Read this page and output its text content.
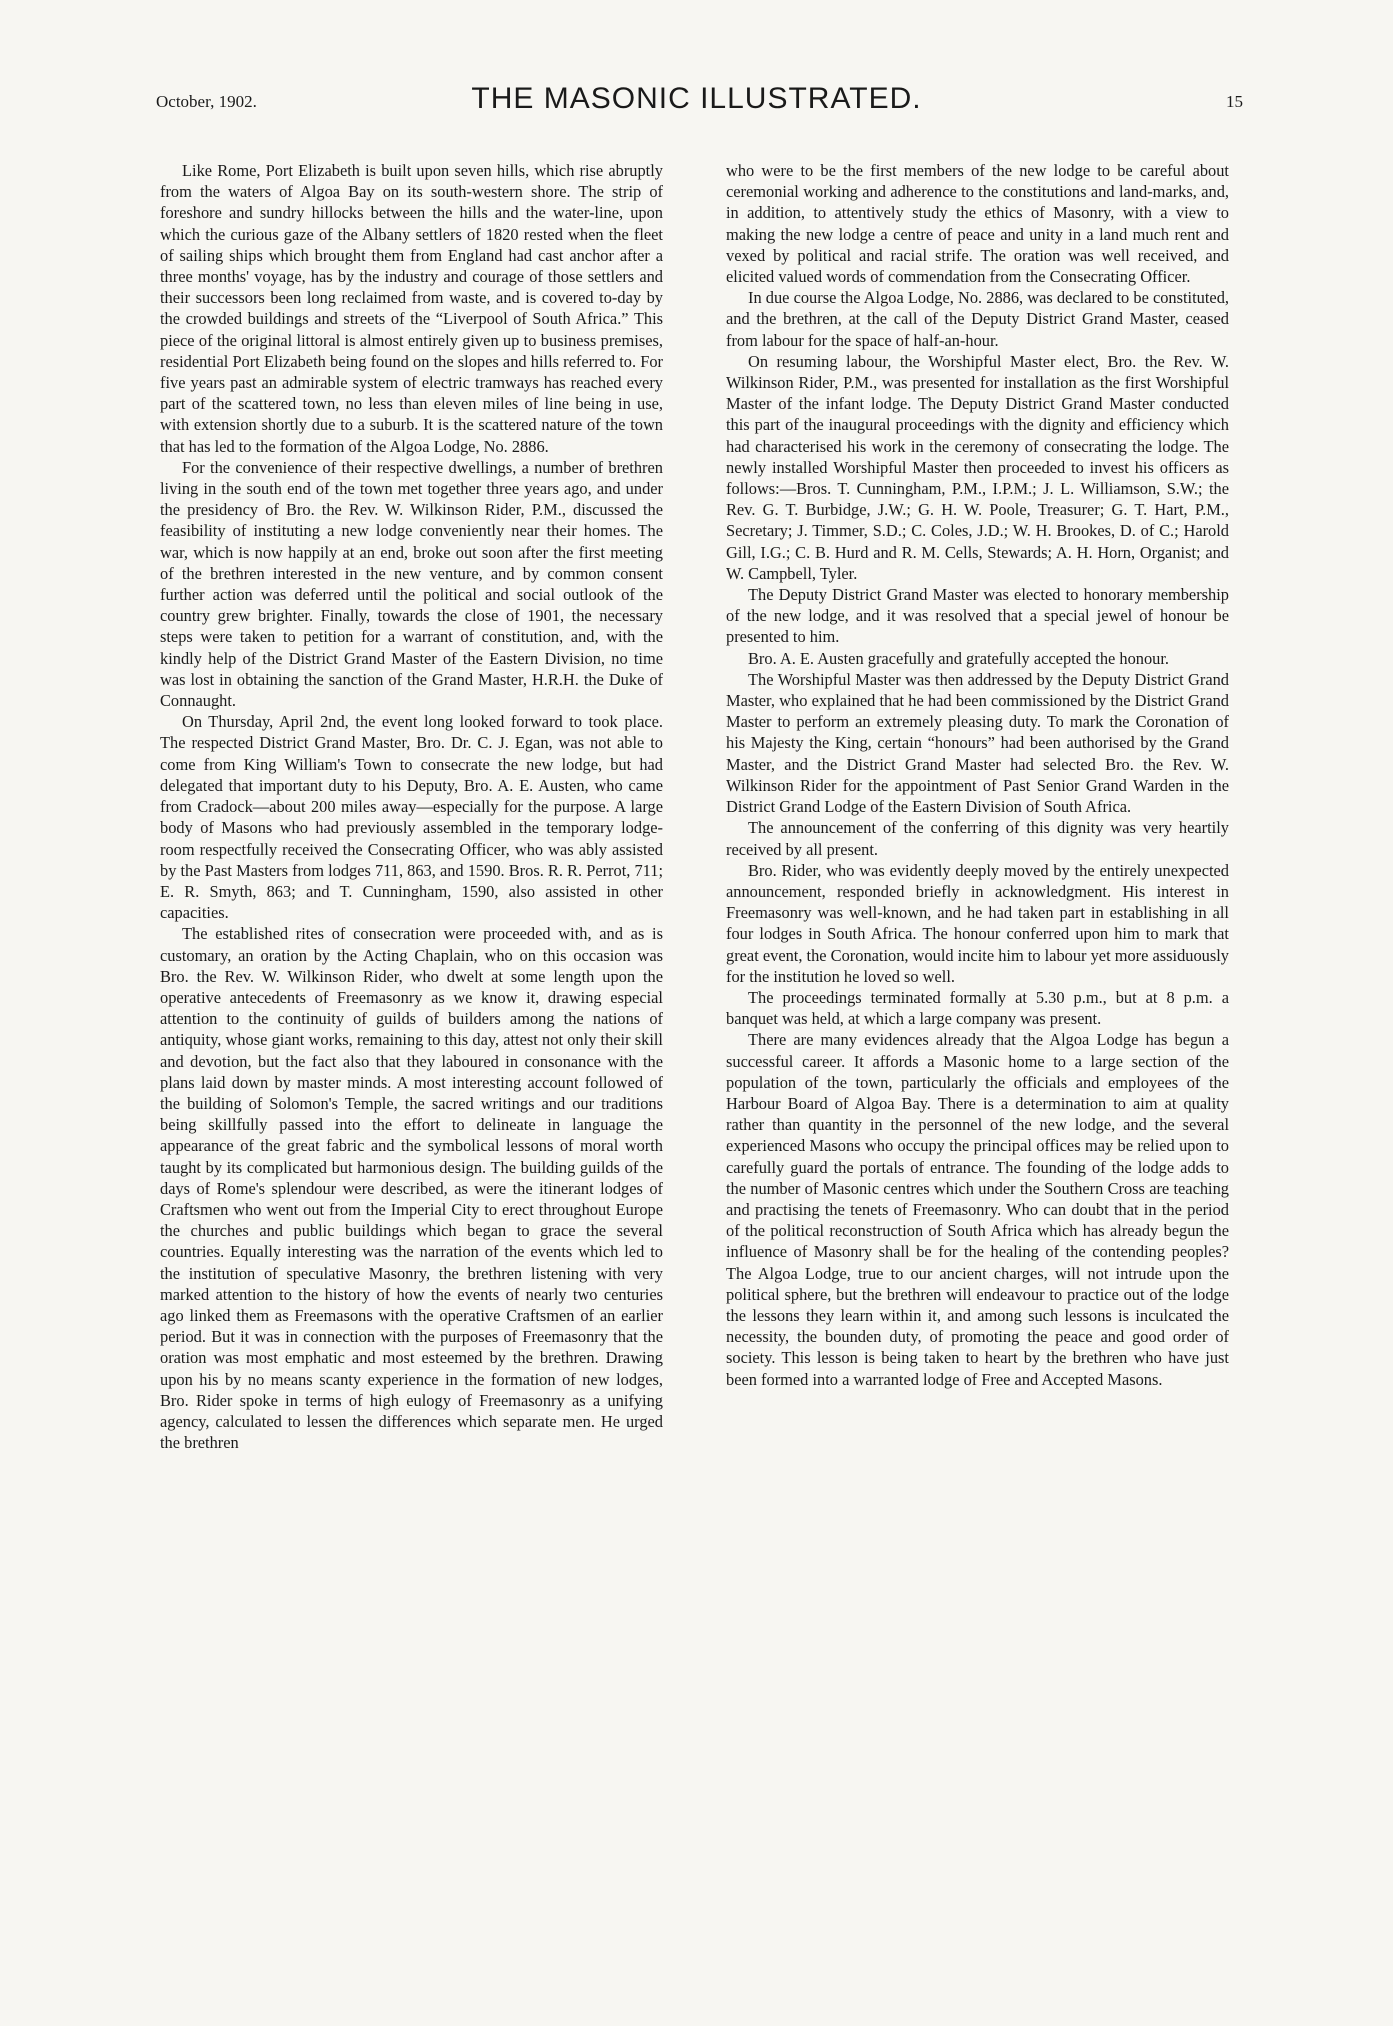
October, 1902.	THE MASONIC ILLUSTRATED.	15

Like Rome, Port Elizabeth is built upon seven hills, which rise abruptly from the waters of Algoa Bay on its south-western shore. The strip of foreshore and sundry hillocks between the hills and the water-line, upon which the curious gaze of the Albany settlers of 1820 rested when the fleet of sailing ships which brought them from England had cast anchor after a three months' voyage, has by the industry and courage of those settlers and their successors been long reclaimed from waste, and is covered to-day by the crowded buildings and streets of the “Liverpool of South Africa.” This piece of the original littoral is almost entirely given up to business premises, residential Port Elizabeth being found on the slopes and hills referred to. For five years past an admirable system of electric tramways has reached every part of the scattered town, no less than eleven miles of line being in use, with extension shortly due to a suburb. It is the scattered nature of the town that has led to the formation of the Algoa Lodge, No. 2886.

For the convenience of their respective dwellings, a number of brethren living in the south end of the town met together three years ago, and under the presidency of Bro. the Rev. W. Wilkinson Rider, P.M., discussed the feasibility of instituting a new lodge conveniently near their homes. The war, which is now happily at an end, broke out soon after the first meeting of the brethren interested in the new venture, and by common consent further action was deferred until the political and social outlook of the country grew brighter. Finally, towards the close of 1901, the necessary steps were taken to petition for a warrant of constitution, and, with the kindly help of the District Grand Master of the Eastern Division, no time was lost in obtaining the sanction of the Grand Master, H.R.H. the Duke of Connaught.

On Thursday, April 2nd, the event long looked forward to took place. The respected District Grand Master, Bro. Dr. C. J. Egan, was not able to come from King William's Town to consecrate the new lodge, but had delegated that important duty to his Deputy, Bro. A. E. Austen, who came from Cradock—about 200 miles away—especially for the purpose. A large body of Masons who had previously assembled in the temporary lodge-room respectfully received the Consecrating Officer, who was ably assisted by the Past Masters from lodges 711, 863, and 1590. Bros. R. R. Perrot, 711; E. R. Smyth, 863; and T. Cunningham, 1590, also assisted in other capacities.

The established rites of consecration were proceeded with, and as is customary, an oration by the Acting Chaplain, who on this occasion was Bro. the Rev. W. Wilkinson Rider, who dwelt at some length upon the operative antecedents of Freemasonry as we know it, drawing especial attention to the continuity of guilds of builders among the nations of antiquity, whose giant works, remaining to this day, attest not only their skill and devotion, but the fact also that they laboured in consonance with the plans laid down by master minds. A most interesting account followed of the building of Solomon's Temple, the sacred writings and our traditions being skillfully passed into the effort to delineate in language the appearance of the great fabric and the symbolical lessons of moral worth taught by its complicated but harmonious design. The building guilds of the days of Rome's splendour were described, as were the itinerant lodges of Craftsmen who went out from the Imperial City to erect throughout Europe the churches and public buildings which began to grace the several countries. Equally interesting was the narration of the events which led to the institution of speculative Masonry, the brethren listening with very marked attention to the history of how the events of nearly two centuries ago linked them as Freemasons with the operative Craftsmen of an earlier period. But it was in connection with the purposes of Freemasonry that the oration was most emphatic and most esteemed by the brethren. Drawing upon his by no means scanty experience in the formation of new lodges, Bro. Rider spoke in terms of high eulogy of Freemasonry as a unifying agency, calculated to lessen the differences which separate men. He urged the brethren

who were to be the first members of the new lodge to be careful about ceremonial working and adherence to the constitutions and land-marks, and, in addition, to attentively study the ethics of Masonry, with a view to making the new lodge a centre of peace and unity in a land much rent and vexed by political and racial strife. The oration was well received, and elicited valued words of commendation from the Consecrating Officer.

In due course the Algoa Lodge, No. 2886, was declared to be constituted, and the brethren, at the call of the Deputy District Grand Master, ceased from labour for the space of half-an-hour.

On resuming labour, the Worshipful Master elect, Bro. the Rev. W. Wilkinson Rider, P.M., was presented for installation as the first Worshipful Master of the infant lodge. The Deputy District Grand Master conducted this part of the inaugural proceedings with the dignity and efficiency which had characterised his work in the ceremony of consecrating the lodge. The newly installed Worshipful Master then proceeded to invest his officers as follows:—Bros. T. Cunningham, P.M., I.P.M.; J. L. Williamson, S.W.; the Rev. G. T. Burbidge, J.W.; G. H. W. Poole, Treasurer; G. T. Hart, P.M., Secretary; J. Timmer, S.D.; C. Coles, J.D.; W. H. Brookes, D. of C.; Harold Gill, I.G.; C. B. Hurd and R. M. Cells, Stewards; A. H. Horn, Organist; and W. Campbell, Tyler.

The Deputy District Grand Master was elected to honorary membership of the new lodge, and it was resolved that a special jewel of honour be presented to him.

Bro. A. E. Austen gracefully and gratefully accepted the honour.

The Worshipful Master was then addressed by the Deputy District Grand Master, who explained that he had been commissioned by the District Grand Master to perform an extremely pleasing duty. To mark the Coronation of his Majesty the King, certain “honours” had been authorised by the Grand Master, and the District Grand Master had selected Bro. the Rev. W. Wilkinson Rider for the appointment of Past Senior Grand Warden in the District Grand Lodge of the Eastern Division of South Africa.

The announcement of the conferring of this dignity was very heartily received by all present.

Bro. Rider, who was evidently deeply moved by the entirely unexpected announcement, responded briefly in acknowledgment. His interest in Freemasonry was well-known, and he had taken part in establishing in all four lodges in South Africa. The honour conferred upon him to mark that great event, the Coronation, would incite him to labour yet more assiduously for the institution he loved so well.

The proceedings terminated formally at 5.30 p.m., but at 8 p.m. a banquet was held, at which a large company was present.

There are many evidences already that the Algoa Lodge has begun a successful career. It affords a Masonic home to a large section of the population of the town, particularly the officials and employees of the Harbour Board of Algoa Bay. There is a determination to aim at quality rather than quantity in the personnel of the new lodge, and the several experienced Masons who occupy the principal offices may be relied upon to carefully guard the portals of entrance. The founding of the lodge adds to the number of Masonic centres which under the Southern Cross are teaching and practising the tenets of Freemasonry. Who can doubt that in the period of the political reconstruction of South Africa which has already begun the influence of Masonry shall be for the healing of the contending peoples? The Algoa Lodge, true to our ancient charges, will not intrude upon the political sphere, but the brethren will endeavour to practice out of the lodge the lessons they learn within it, and among such lessons is inculcated the necessity, the bounden duty, of promoting the peace and good order of society. This lesson is being taken to heart by the brethren who have just been formed into a warranted lodge of Free and Accepted Masons.
